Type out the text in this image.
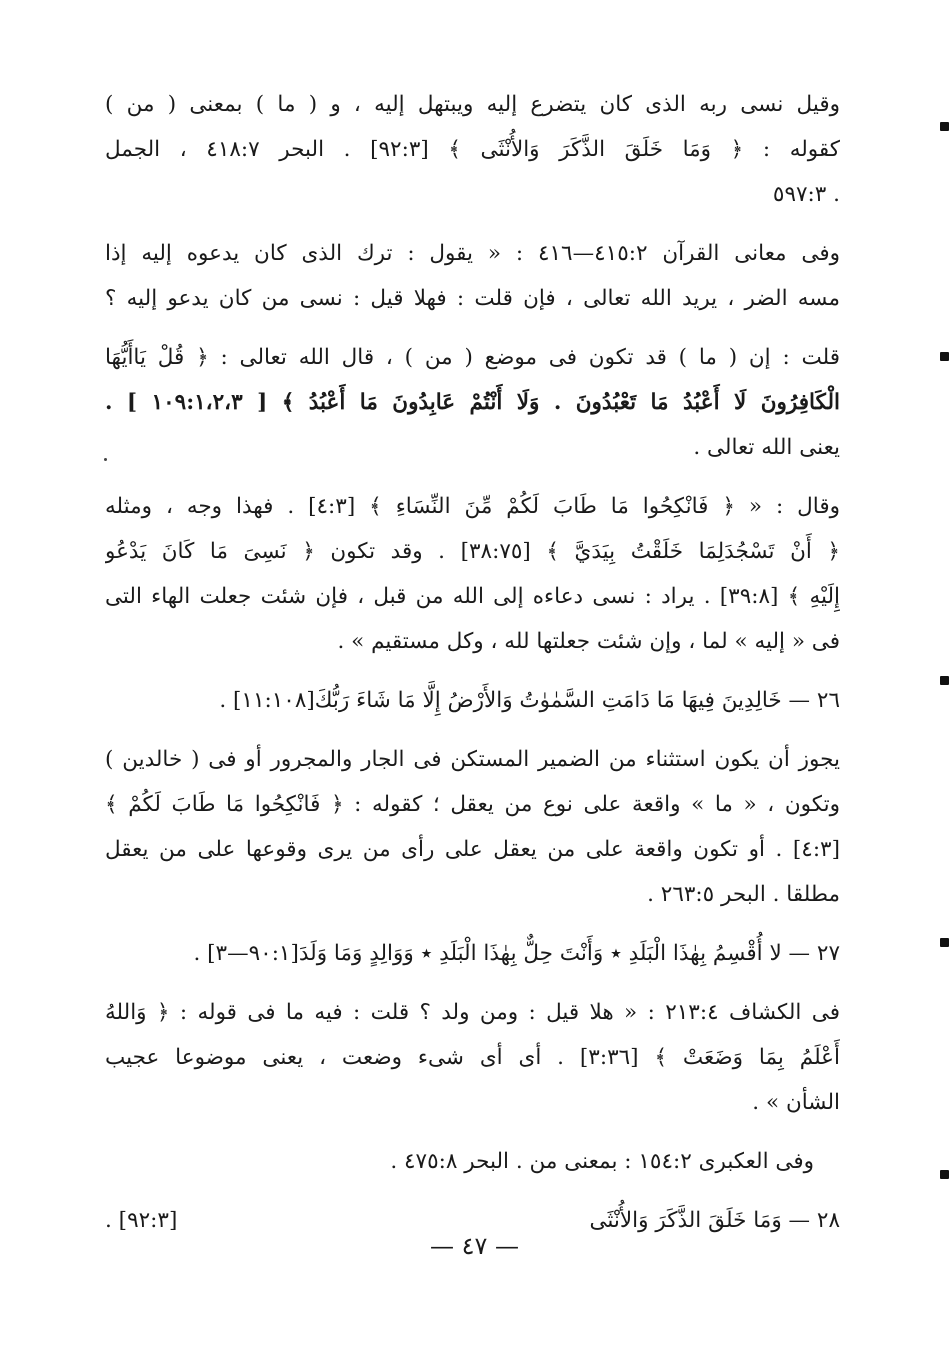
وقيل نسى ربه الذى كان يتضرع إليه ويبتهل إليه ، و ( ما ) بمعنى ( من )
كقوله : ﴿ وَمَا خَلَقَ الذَّكَرَ وَالأُنْثَى ﴾ [٩٢:٣] . البحر ٤١٨:٧ ، الجمل
. ٥٩٧:٣
وفى معانى القرآن ٤١٥:٢—٤١٦ : « يقول : ترك الذى كان يدعوه إليه إذا
مسه الضر ، يريد الله تعالى ، فإن قلت : فهلا قيل : نسى من كان يدعو إليه ؟
قلت : إن ( ما ) قد تكون فى موضع ( من ) ، قال الله تعالى : ﴿ قُلْ يَاأَيُّهَا
الْكَافِرُونَ لَا أَعْبُدُ مَا تَعْبُدُونَ . وَلَا أَنْتُمْ عَابِدُونَ مَا أَعْبُدُ ﴾ [ ١٠٩:١،٢،٣ ] .
يعنى الله تعالى .
وقال : « ﴿ فَانْكِحُوا مَا طَابَ لَكُمْ مِّنَ النِّسَاءِ ﴾ [٤:٣] . فهذا وجه ، ومثله
﴿ أَنْ تَسْجُدَلِمَا خَلَقْتُ بِيَدَيَّ ﴾ [٣٨:٧٥] . وقد تكون ﴿ نَسِىَ مَا كَانَ يَدْعُو
إِلَيْهِ ﴾ [٣٩:٨] . يراد : نسى دعاءه إلى الله من قبل ، فإن شئت جعلت الهاء التى
فى « إليه » لما ، وإن شئت جعلتها لله ، وكل مستقيم » .
٢٦ — خَالِدِينَ فِيهَا مَا دَامَتِ السَّمٰوٰتُ وَالأَرْضُ إِلَّا مَا شَاءَ رَبُّكَ[١١:١٠٨] .
يجوز أن يكون استثناء من الضمير المستكن فى الجار والمجرور أو فى ( خالدين )
وتكون ، « ما » واقعة على نوع من يعقل ؛ كقوله : ﴿ فَانْكِحُوا مَا طَابَ لَكُمْ ﴾
[٤:٣] . أو تكون واقعة على من يعقل على رأى من يرى وقوعها على من يعقل
مطلقا . البحر ٢٦٣:٥ .
٢٧ — لا أُقْسِمُ بِهٰذَا الْبَلَدِ ٭ وَأَنْتَ حِلٌّ بِهٰذَا الْبَلَدِ ٭ وَوَالِدٍ وَمَا وَلَدَ[٩٠:١—٣] .
فى الكشاف ٢١٣:٤ : « هلا قيل : ومن ولد ؟ قلت : فيه ما فى قوله : ﴿ وَاللهُ
أَعْلَمُ بِمَا وَضَعَتْ ﴾ [٣:٣٦] . أى أى شىء وضعت ، يعنى موضوعا عجيب
الشأن » .
وفى العكبرى ١٥٤:٢ : بمعنى من . البحر ٤٧٥:٨ .
٢٨ — وَمَا خَلَقَ الذَّكَرَ وَالأُنْثَى
[٩٢:٣] .
— ٤٧ —
